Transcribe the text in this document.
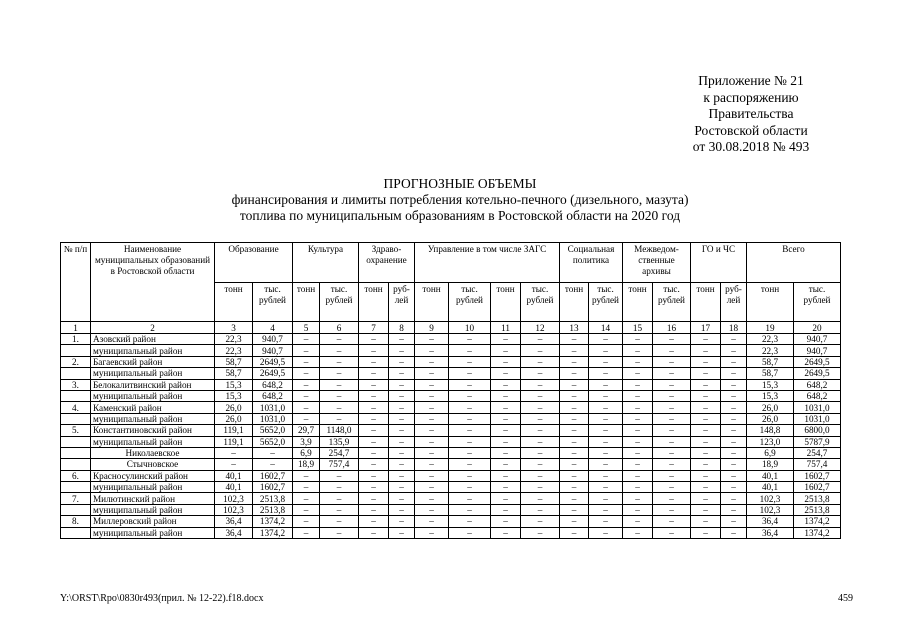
Приложение № 21
к распоряжению
Правительства
Ростовской области
от 30.08.2018 № 493
ПРОГНОЗНЫЕ ОБЪЕМЫ
финансирования и лимиты потребления котельно-печного (дизельного, мазута)
топлива по муниципальным образованиям в Ростовской области на 2020 год
№ п/п	Наименование муниципальных образований в Ростовской области	Образование		Культура		Здраво-охранение		Управление в том числе ЗАГС				Социальная политика		Межведом-ственные архивы		ГО и ЧС		Всего	
		тонн	тыс. рублей	тонн	тыс. рублей	тонн	руб-лей	тонн	тыс. рублей	тонн	тыс. рублей	тонн	тыс. рублей	тонн	тыс. рублей	тонн	руб-лей	тонн	тыс. рублей
1	2	3	4	5	6	7	8	9	10	11	12	13	14	15	16	17	18	19	20
1.	Азовский район	22,3	940,7	–	–	–	–	–	–	–	–	–	–	–	–	–	–	22,3	940,7
	муниципальный район	22,3	940,7	–	–	–	–	–	–	–	–	–	–	–	–	–	–	22,3	940,7
2.	Багаевский район	58,7	2649,5	–	–	–	–	–	–	–	–	–	–	–	–	–	–	58,7	2649,5
	муниципальный район	58,7	2649,5	–	–	–	–	–	–	–	–	–	–	–	–	–	–	58,7	2649,5
3.	Белокалитвинский район	15,3	648,2	–	–	–	–	–	–	–	–	–	–	–	–	–	–	15,3	648,2
	муниципальный район	15,3	648,2	–	–	–	–	–	–	–	–	–	–	–	–	–	–	15,3	648,2
4.	Каменский район	26,0	1031,0	–	–	–	–	–	–	–	–	–	–	–	–	–	–	26,0	1031,0
	муниципальный район	26,0	1031,0	–	–	–	–	–	–	–	–	–	–	–	–	–	–	26,0	1031,0
5.	Константиновский район	119,1	5652,0	29,7	1148,0	–	–	–	–	–	–	–	–	–	–	–	–	148,8	6800,0
	муниципальный район	119,1	5652,0	3,9	135,9	–	–	–	–	–	–	–	–	–	–	–	–	123,0	5787,9
	Николаевское	–	–	6,9	254,7	–	–	–	–	–	–	–	–	–	–	–	–	6,9	254,7
	Стычновское	–	–	18,9	757,4	–	–	–	–	–	–	–	–	–	–	–	–	18,9	757,4
6.	Красносулинский район	40,1	1602,7	–	–	–	–	–	–	–	–	–	–	–	–	–	–	40,1	1602,7
	муниципальный район	40,1	1602,7	–	–	–	–	–	–	–	–	–	–	–	–	–	–	40,1	1602,7
7.	Милютинский район	102,3	2513,8	–	–	–	–	–	–	–	–	–	–	–	–	–	–	102,3	2513,8
	муниципальный район	102,3	2513,8	–	–	–	–	–	–	–	–	–	–	–	–	–	–	102,3	2513,8
8.	Миллеровский район	36,4	1374,2	–	–	–	–	–	–	–	–	–	–	–	–	–	–	36,4	1374,2
	муниципальный район	36,4	1374,2	–	–	–	–	–	–	–	–	–	–	–	–	–	–	36,4	1374,2
Y:\ORST\Rpo\0830r493(прил. № 12-22).f18.docx	459
